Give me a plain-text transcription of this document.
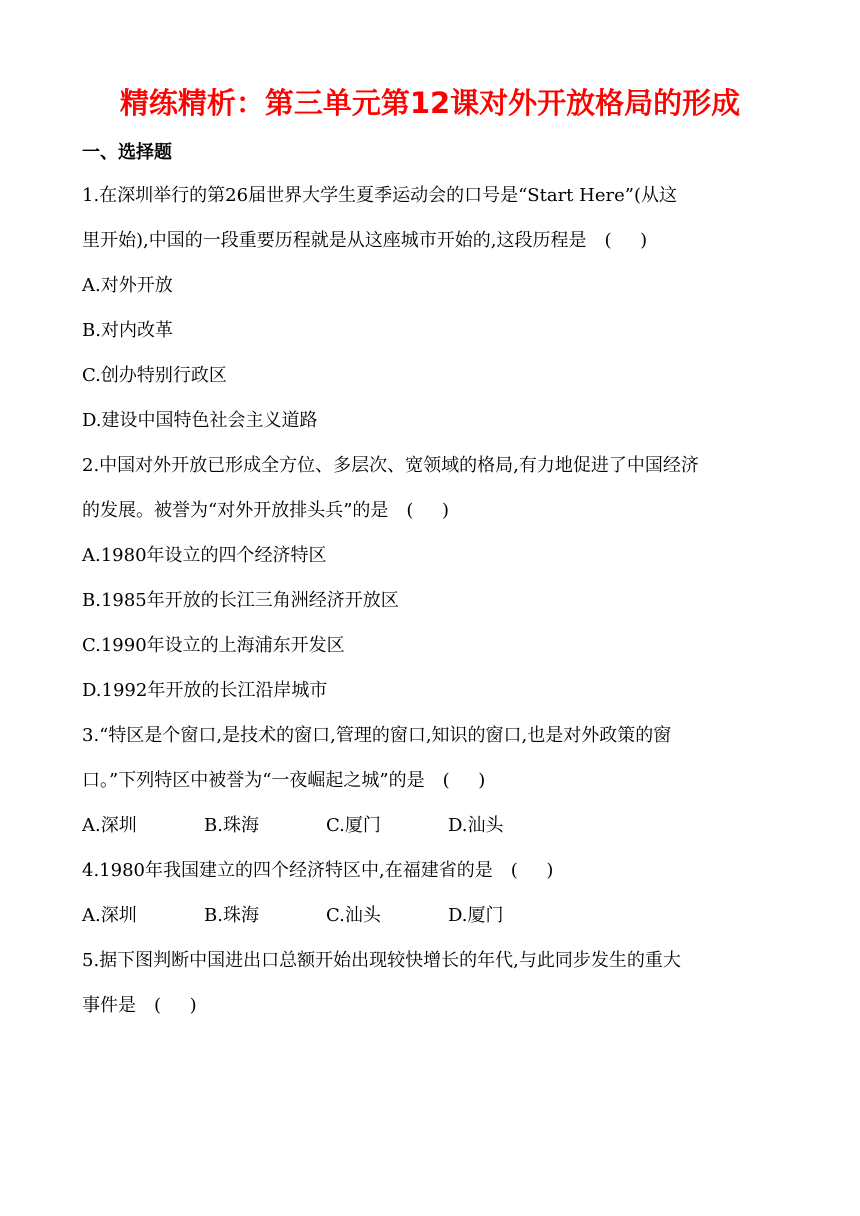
精练精析：第三单元第12课对外开放格局的形成
一、选择题
1.在深圳举行的第26届世界大学生夏季运动会的口号是“Start Here”(从这
里开始),中国的一段重要历程就是从这座城市开始的,这段历程是 (     )
A.对外开放
B.对内改革
C.创办特别行政区
D.建设中国特色社会主义道路
2.中国对外开放已形成全方位、多层次、宽领域的格局,有力地促进了中国经济
的发展。被誉为“对外开放排头兵”的是 (     )
A.1980年设立的四个经济特区
B.1985年开放的长江三角洲经济开放区
C.1990年设立的上海浦东开发区
D.1992年开放的长江沿岸城市
3.“特区是个窗口,是技术的窗口,管理的窗口,知识的窗口,也是对外政策的窗
口。”下列特区中被誉为“一夜崛起之城”的是 (     )
A.深圳	B.珠海	C.厦门	D.汕头
4.1980年我国建立的四个经济特区中,在福建省的是 (     )
A.深圳	B.珠海	C.汕头	D.厦门
5.据下图判断中国进出口总额开始出现较快增长的年代,与此同步发生的重大
事件是 (     )
